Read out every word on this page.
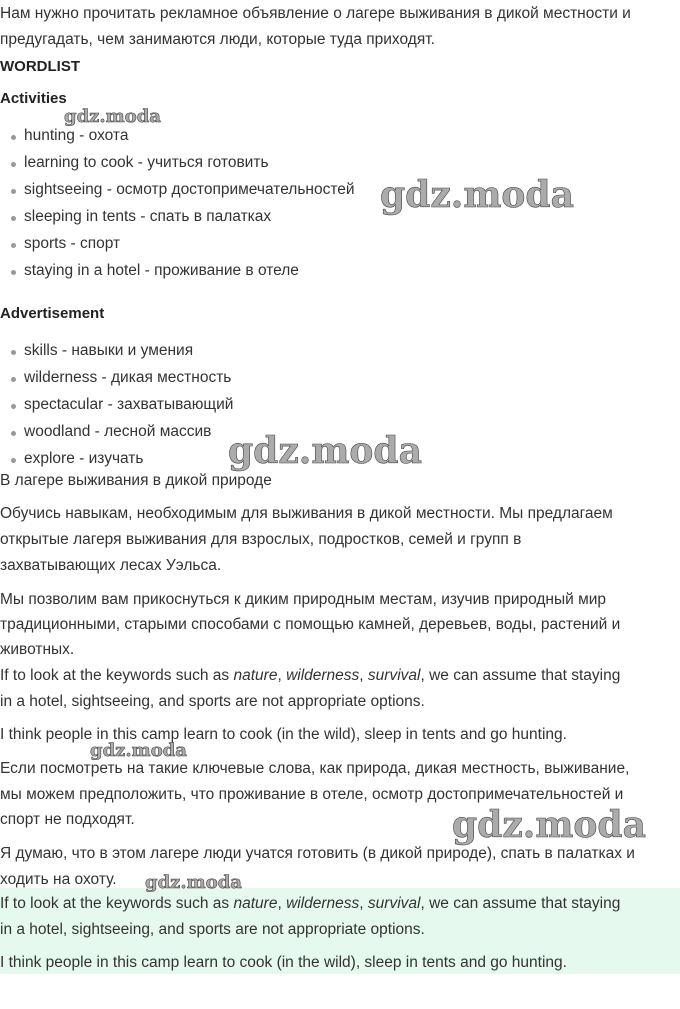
Нам нужно прочитать рекламное объявление о лагере выживания в дикой местности и
предугадать, чем занимаются люди, которые туда приходят.
WORDLIST
Activities
hunting - охота
learning to cook - учиться готовить
sightseeing - осмотр достопримечательностей
sleeping in tents - спать в палатках
sports - спорт
staying in a hotel - проживание в отеле
Advertisement
skills - навыки и умения
wilderness - дикая местность
spectacular - захватывающий
woodland - лесной массив
explore - изучать
В лагере выживания в дикой природе
Обучись навыкам, необходимым для выживания в дикой местности. Мы предлагаем
открытые лагеря выживания для взрослых, подростков, семей и групп в
захватывающих лесах Уэльса.
Мы позволим вам прикоснуться к диким природным местам, изучив природный мир
традиционными, старыми способами с помощью камней, деревьев, воды, растений и
животных.
If to look at the keywords such as nature, wilderness, survival, we can assume that staying
in a hotel, sightseeing, and sports are not appropriate options.
I think people in this camp learn to cook (in the wild), sleep in tents and go hunting.
Если посмотреть на такие ключевые слова, как природа, дикая местность, выживание,
мы можем предположить, что проживание в отеле, осмотр достопримечательностей и
спорт не подходят.
Я думаю, что в этом лагере люди учатся готовить (в дикой природе), спать в палатках и
ходить на охоту.
If to look at the keywords such as nature, wilderness, survival, we can assume that staying
in a hotel, sightseeing, and sports are not appropriate options.
I think people in this camp learn to cook (in the wild), sleep in tents and go hunting.
gdz.moda
gdz.moda
gdz.moda
gdz.moda
gdz.moda
gdz.moda
